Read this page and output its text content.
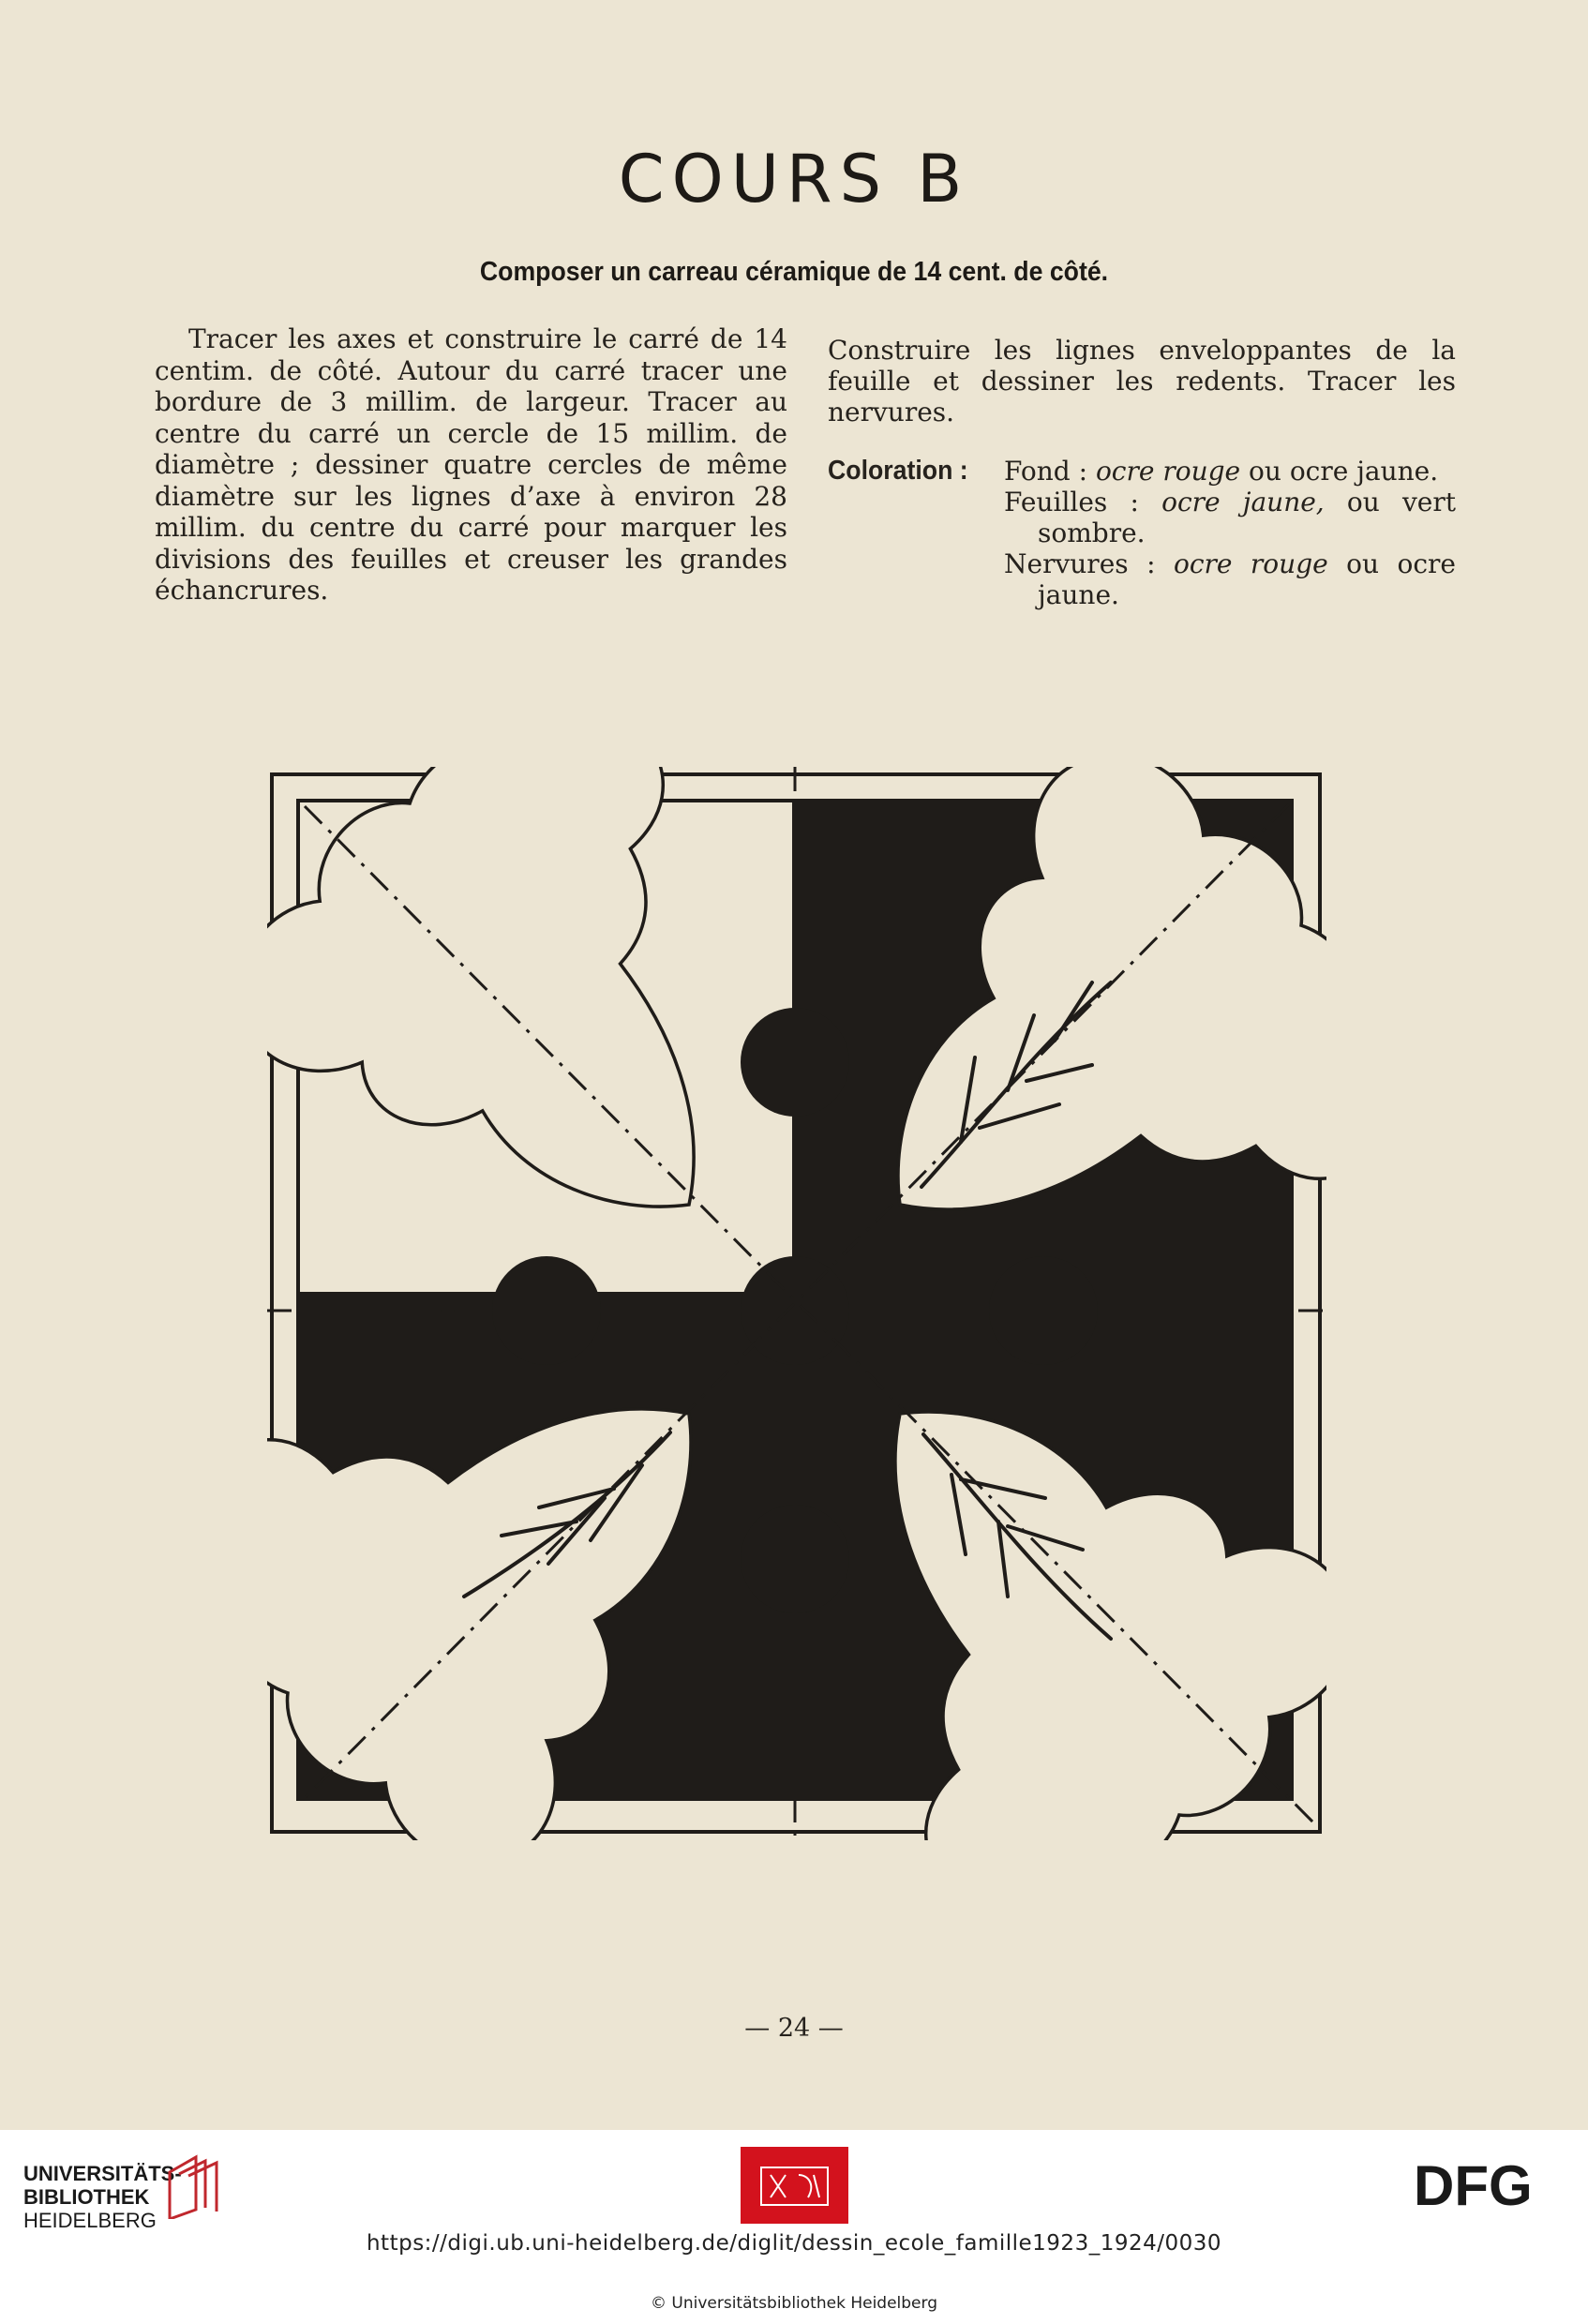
COURS B
Composer un carreau céramique de 14 cent. de côté.
Tracer les axes et construire le carré de 14 centim. de côté. Autour du carré tracer une bordure de 3 millim. de largeur. Tracer au centre du carré un cercle de 15 millim. de diamètre ; dessiner quatre cercles de même diamètre sur les lignes d’axe à environ 28 millim. du centre du carré pour marquer les divisions des feuilles et creuser les grandes échancrures.

Construire les lignes enveloppantes de la feuille et dessiner les redents. Tracer les nervures.

Coloration : Fond : ocre rouge ou ocre jaune.

Feuilles : ocre jaune, ou vert sombre.

Nervures : ocre rouge ou ocre jaune.

— 24 —
UNIVERSITÄTS-
BIBLIOTHEK
HEIDELBERG
DFG
https://digi.ub.uni-heidelberg.de/diglit/dessin_ecole_famille1923_1924/0030
© Universitätsbibliothek Heidelberg
